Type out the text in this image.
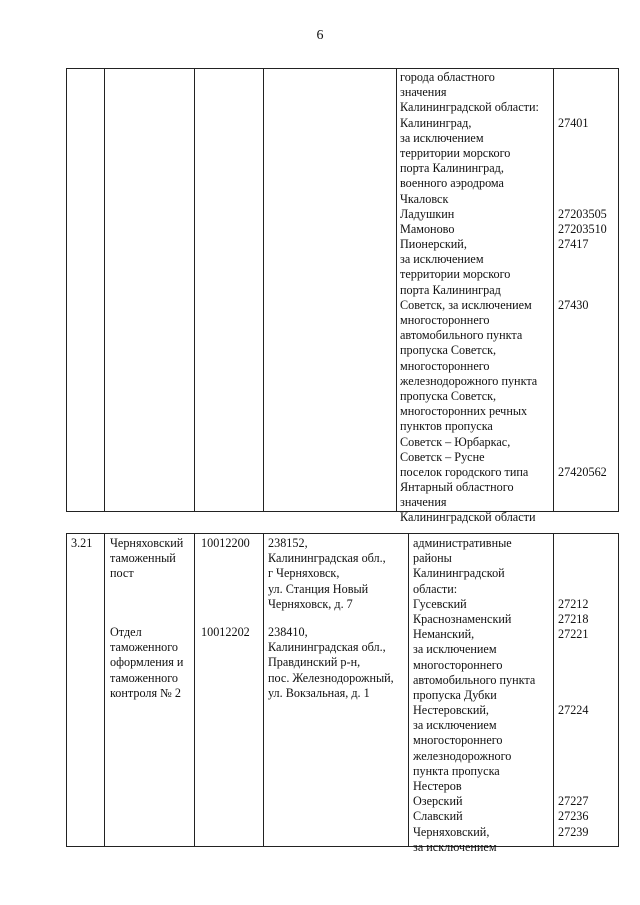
6
города областного
значения
Калининградской области:
Калининград,
за исключением
территории морского
порта Калининград,
военного аэродрома
Чкаловск
Ладушкин
Мамоново
Пионерский,
за исключением
территории морского
порта Калининград
Советск, за исключением
многостороннего
автомобильного пункта
пропуска Советск,
многостороннего
железнодорожного пункта
пропуска Советск,
многосторонних речных
пунктов пропуска
Советск – Юрбаркас,
Советск – Русне
поселок городского типа
Янтарный областного
значения
Калининградской области
27401
27203505
27203510
27417
27430
27420562
3.21 Черняховский
таможенный
пост
Отдел
таможенного
оформления и
таможенного
контроля № 2
10012200
10012202
238152,
Калининградская обл.,
г Черняховск,
ул. Станция Новый
Черняховск, д. 7
238410,
Калининградская обл.,
Правдинский р-н,
пос. Железнодорожный,
ул. Вокзальная, д. 1
административные
районы
Калининградской
области:
Гусевский
Краснознаменский
Неманский,
за исключением
многостороннего
автомобильного пункта
пропуска Дубки
Нестеровский,
за исключением
многостороннего
железнодорожного
пункта пропуска
Нестеров
Озерский
Славский
Черняховский,
за исключением
27212
27218
27221
27224
27227
27236
27239
